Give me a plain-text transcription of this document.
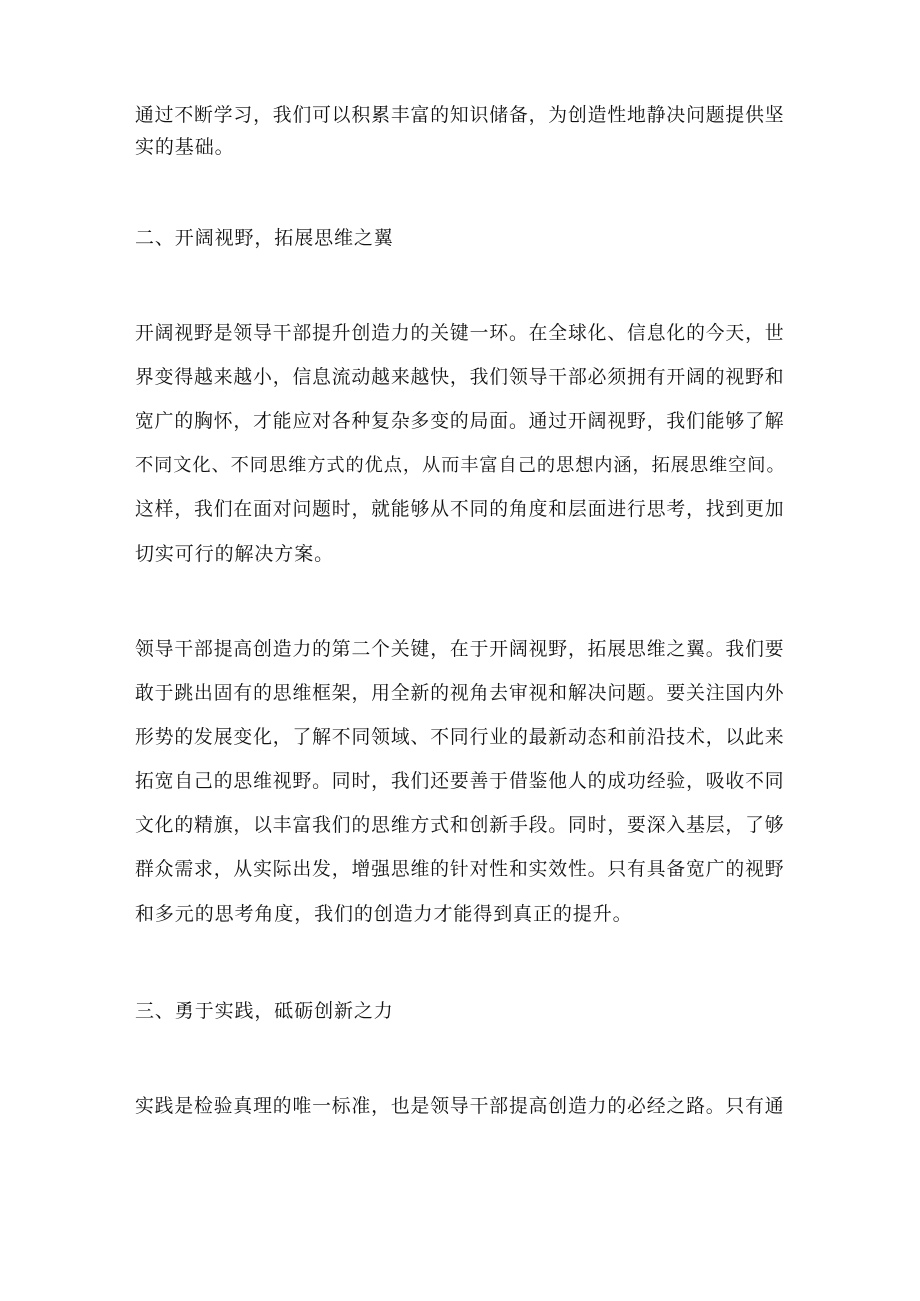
通过不断学习，我们可以积累丰富的知识储备，为创造性地静决问题提供坚

实的基础。

二、开阔视野，拓展思维之翼

开阔视野是领导干部提升创造力的关键一环。在全球化、信息化的今天，世

界变得越来越小，信息流动越来越快，我们领导干部必须拥有开阔的视野和

宽广的胸怀，才能应对各种复杂多变的局面。通过开阔视野，我们能够了解

不同文化、不同思维方式的优点，从而丰富自己的思想内涵，拓展思维空间。

这样，我们在面对问题时，就能够从不同的角度和层面进行思考，找到更加

切实可行的解决方案。

领导干部提高创造力的第二个关键，在于开阔视野，拓展思维之翼。我们要

敢于跳出固有的思维框架，用全新的视角去审视和解决问题。要关注国内外

形势的发展变化，了解不同领域、不同行业的最新动态和前沿技术，以此来

拓宽自己的思维视野。同时，我们还要善于借鉴他人的成功经验，吸收不同

文化的精旗，以丰富我们的思维方式和创新手段。同时，要深入基层，了够

群众需求，从实际出发，增强思维的针对性和实效性。只有具备宽广的视野

和多元的思考角度，我们的创造力才能得到真正的提升。

三、勇于实践，砥砺创新之力

实践是检验真理的唯一标准，也是领导干部提高创造力的必经之路。只有通
